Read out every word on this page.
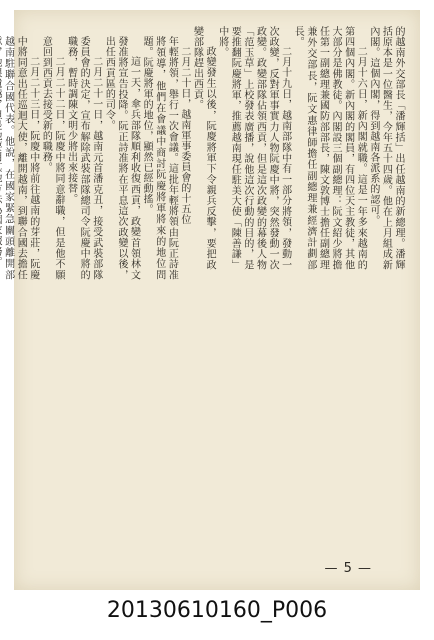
的越南外交部長「潘輝括」出任越南的新總理。潘輝括原本是一位醫生，今年五十四歲。他在上月組成新內閣。這個內閣，得到越南各派系的認可。

二月十六日，新內閣就職。這是一年多來越南的第四個內閣。新內閣的閣員，有四位天主教徒，其他大部分是佛教徒。內閣設三個副總理：阮文紹少將擔任第一副總理兼國防部部長，陳文敦博士擔任副總理兼外交部長，阮文惠律師擔任副總理兼經濟計劃部長。

二月十九日，越南部隊中有一部分將領，發動一次政變，反對軍事實力人物阮慶中將，突然發動一次政變。政變部隊佔領西貢，但是這次政變的幕後人物「范玉草」上校發表廣播，說他這次行動的目的，是要推翻阮慶將軍，推薦越南現任駐美大使「陳善謙」中將。

政變發生以後，阮慶將軍下令親兵反擊，要把政變部隊趕出西貢。

二月二十日，越南軍事委員會的十五位

年輕將領，舉行一次會議。這批年輕將領由阮正詩准將領導，他們在會議中商討阮慶將軍將來的地位問題。阮慶將軍的地位，顯然已經動搖。

這一天，傘兵部隊順利收復西貢，政變首領林文發准將宣告投降。阮正詩准將在平息這次政變以後，出任西貢區的司令。

二月二十一日，越南元首潘克丑，接受武裝部隊委員會的決定，宣布解除武裝部隊總司令阮慶中將的職務，暫時調陳文明少將出來接替。

二月二十二日，阮慶中將同意辭職，但是他不願意回到西貢去接受新的職務。

二月二十三日，阮慶中將前往越南的芽莊，阮慶中將同意出任巡迴大使，離開越南，到聯合國去擔任越南駐聯合國代表。他說，在國家緊急關頭離開部

— 5 —
20130610160_P006
